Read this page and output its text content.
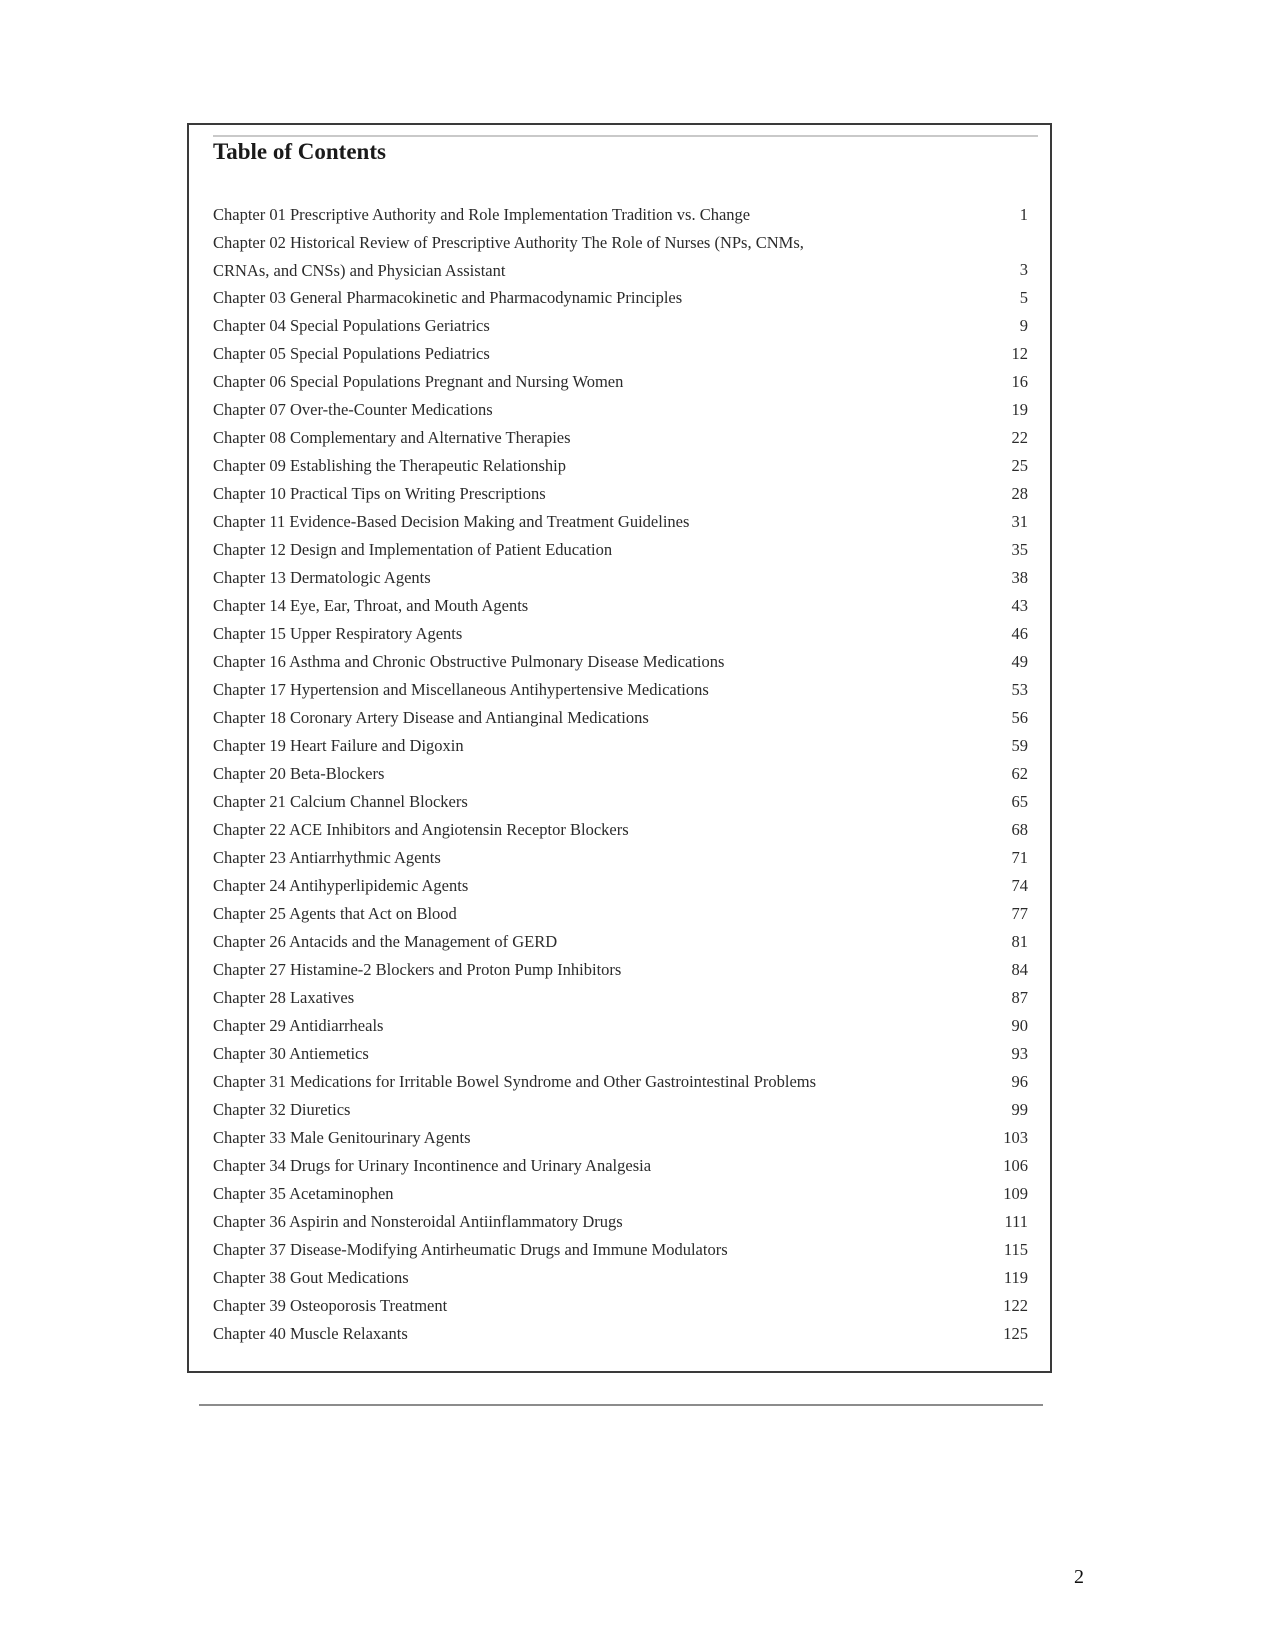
Table of Contents
Chapter 01 Prescriptive Authority and Role Implementation Tradition vs. Change	1
Chapter 02 Historical Review of Prescriptive Authority The Role of Nurses (NPs, CNMs,
CRNAs, and CNSs) and Physician Assistant	3
Chapter 03 General Pharmacokinetic and Pharmacodynamic Principles	5
Chapter 04 Special Populations Geriatrics	9
Chapter 05 Special Populations Pediatrics	12
Chapter 06 Special Populations Pregnant and Nursing Women	16
Chapter 07 Over-the-Counter Medications	19
Chapter 08 Complementary and Alternative Therapies	22
Chapter 09 Establishing the Therapeutic Relationship	25
Chapter 10 Practical Tips on Writing Prescriptions	28
Chapter 11 Evidence-Based Decision Making and Treatment Guidelines	31
Chapter 12 Design and Implementation of Patient Education	35
Chapter 13 Dermatologic Agents	38
Chapter 14 Eye, Ear, Throat, and Mouth Agents	43
Chapter 15 Upper Respiratory Agents	46
Chapter 16 Asthma and Chronic Obstructive Pulmonary Disease Medications	49
Chapter 17 Hypertension and Miscellaneous Antihypertensive Medications	53
Chapter 18 Coronary Artery Disease and Antianginal Medications	56
Chapter 19 Heart Failure and Digoxin	59
Chapter 20 Beta-Blockers	62
Chapter 21 Calcium Channel Blockers	65
Chapter 22 ACE Inhibitors and Angiotensin Receptor Blockers	68
Chapter 23 Antiarrhythmic Agents	71
Chapter 24 Antihyperlipidemic Agents	74
Chapter 25 Agents that Act on Blood	77
Chapter 26 Antacids and the Management of GERD	81
Chapter 27 Histamine-2 Blockers and Proton Pump Inhibitors	84
Chapter 28 Laxatives	87
Chapter 29 Antidiarrheals	90
Chapter 30 Antiemetics	93
Chapter 31 Medications for Irritable Bowel Syndrome and Other Gastrointestinal Problems	96
Chapter 32 Diuretics	99
Chapter 33 Male Genitourinary Agents	103
Chapter 34 Drugs for Urinary Incontinence and Urinary Analgesia	106
Chapter 35 Acetaminophen	109
Chapter 36 Aspirin and Nonsteroidal Antiinflammatory Drugs	111
Chapter 37 Disease-Modifying Antirheumatic Drugs and Immune Modulators	115
Chapter 38 Gout Medications	119
Chapter 39 Osteoporosis Treatment	122
Chapter 40 Muscle Relaxants	125
2
